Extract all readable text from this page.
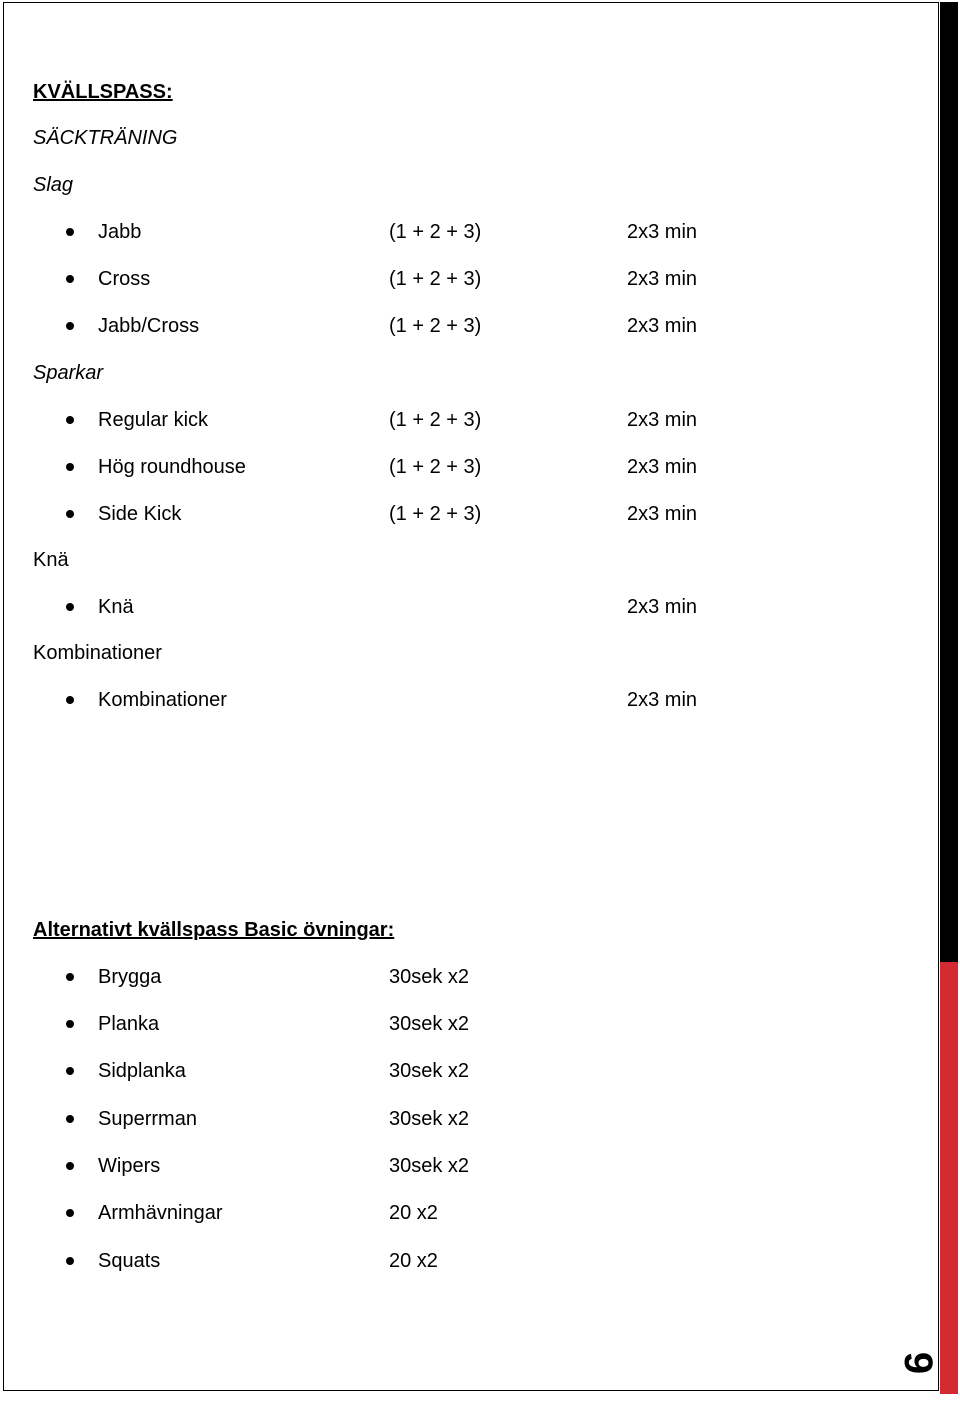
9
KVÄLLSPASS:
SÄCKTRÄNING
Slag
Jabb	(1 + 2 + 3)	2x3 min
Cross	(1 + 2 + 3)	2x3 min
Jabb/Cross	(1 + 2 + 3)	2x3 min
Sparkar
Regular kick	(1 + 2 + 3)	2x3 min
Hög roundhouse	(1 + 2 + 3)	2x3 min
Side Kick	(1 + 2 + 3)	2x3 min
Knä
Knä	2x3 min
Kombinationer
Kombinationer	2x3 min
Alternativt kvällspass Basic övningar:
Brygga	30sek x2
Planka	30sek x2
Sidplanka	30sek x2
Superrman	30sek x2
Wipers	30sek x2
Armhävningar	20 x2
Squats	20 x2
